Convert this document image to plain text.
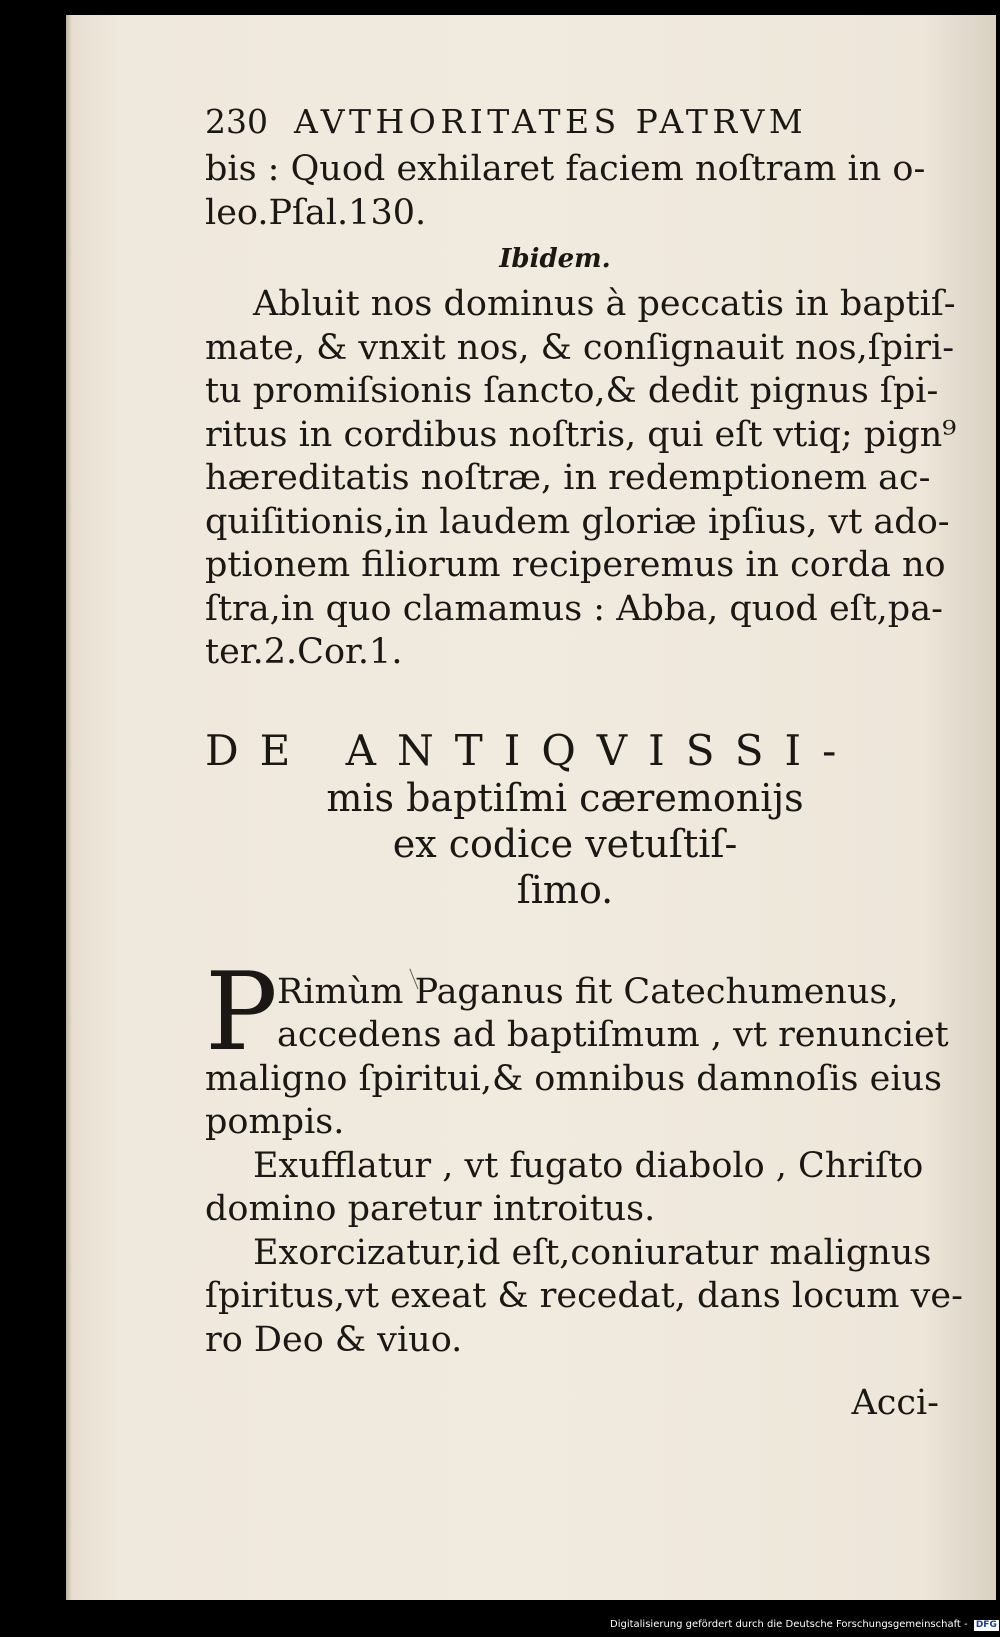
230 AVTHORITATES PATRVM
bis : Quod exhilaret faciem noſtram in o-
leo.Pſal.130.
Ibidem.
Abluit nos dominus à peccatis in baptiſ-
mate, & vnxit nos, & conſignauit nos,ſpiri-
tu promiſsionis ſancto,& dedit pignus ſpi-
ritus in cordibus noſtris, qui eſt vtiq; pign⁹
hæreditatis noſtræ, in redemptionem ac-
quiſitionis,in laudem gloriæ ipſius, vt ado-
ptionem filiorum reciperemus in corda no
ſtra,in quo clamamus : Abba, quod eſt,pa-
ter.2.Cor.1.
DE ANTIQVISSI-
mis baptiſmi cæremonijs
ex codice vetuſtiſ-
ſimo.
P Rimùm Paganus fit Catechumenus,
accedens ad baptiſmum , vt renunciet
maligno ſpiritui,& omnibus damnoſis eius
pompis.
Exufflatur , vt fugato diabolo , Chriſto
domino paretur introitus.
Exorcizatur,id eſt,coniuratur malignus
ſpiritus,vt exeat & recedat, dans locum ve-
ro Deo & viuo.
Acci-
Digitalisierung gefördert durch die Deutsche Forschungsgemeinschaft - DFG
